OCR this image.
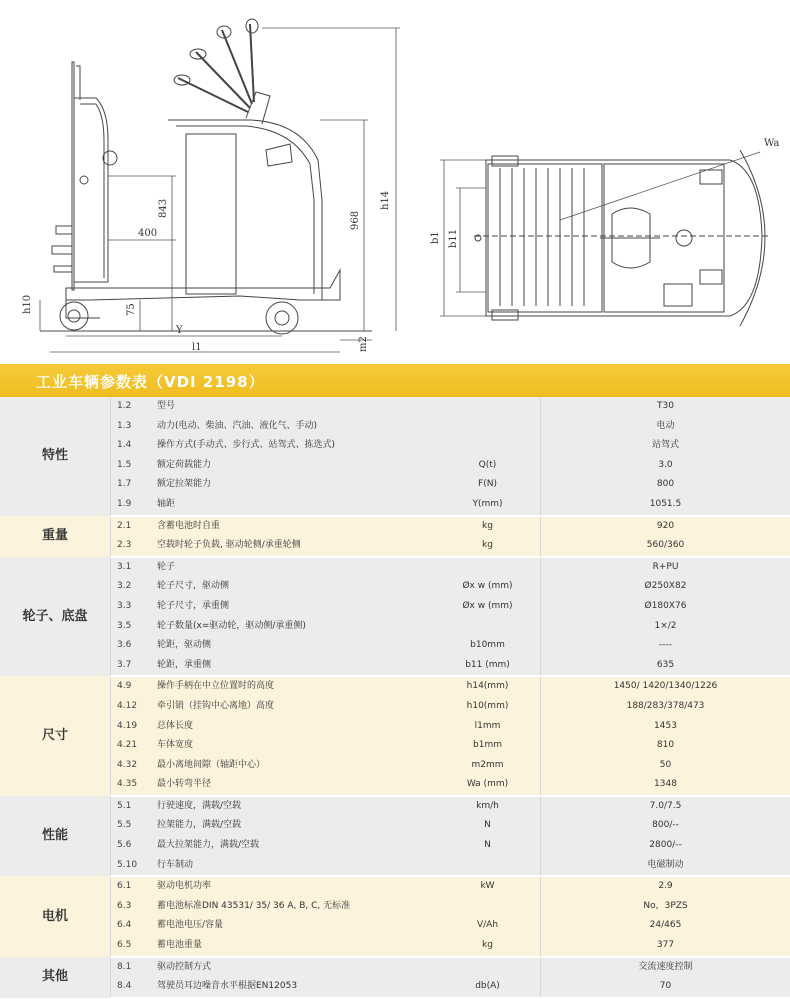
h14
968
843
400
h10	75
Y
l1	m2
b1 b11
Wa
工业车辆参数表（VDI 2198）
特性	1.2	型号		T30
	1.3	动力(电动、柴油、汽油、液化气、手动)		电动
	1.4	操作方式(手动式、步行式、站驾式、拣选式)		站驾式
	1.5	额定荷载能力	Q(t)	3.0
	1.7	额定拉架能力	F(N)	800
	1.9	轴距	Y(mm)	1051.5
重量	2.1	含蓄电池时自重	kg	920
	2.3	空载时轮子负载, 驱动轮侧/承重轮侧	kg	560/360
轮子、底盘	3.1	轮子		R+PU
	3.2	轮子尺寸，驱动侧	Øx w (mm)	Ø250X82
	3.3	轮子尺寸，承重侧	Øx w (mm)	Ø180X76
	3.5	轮子数量(x=驱动轮，驱动侧/承重侧)		1×/2
	3.6	轮距，驱动侧	b10mm	----
	3.7	轮距，承重侧	b11 (mm)	635
尺寸	4.9	操作手柄在中立位置时的高度	h14(mm)	1450/ 1420/1340/1226
	4.12	牵引销（挂钩中心离地）高度	h10(mm)	188/283/378/473
	4.19	总体长度	l1mm	1453
	4.21	车体宽度	b1mm	810
	4.32	最小离地间隙（轴距中心）	m2mm	50
	4.35	最小转弯半径	Wa (mm)	1348
性能	5.1	行驶速度，满载/空载	km/h	7.0/7.5
	5.5	拉架能力，满载/空载	N	800/--
	5.6	最大拉架能力，满载/空载	N	2800/--
	5.10	行车制动		电磁制动
电机	6.1	驱动电机功率	kW	2.9
	6.3	蓄电池标准DIN 43531/ 35/ 36 A, B, C, 无标准		No，3PZS
	6.4	蓄电池电压/容量	V/Ah	24/465
	6.5	蓄电池重量	kg	377
其他	8.1	驱动控制方式		交流速度控制
	8.4	驾驶员耳边噪音水平根据EN12053	db(A)	70
